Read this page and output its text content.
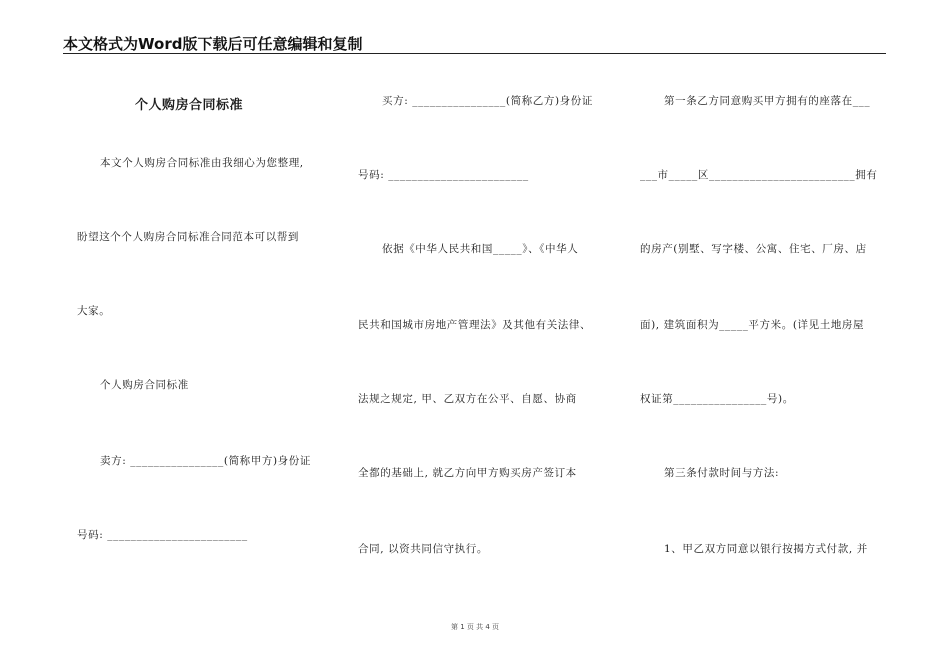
本文格式为Word版下载后可任意编辑和复制
个人购房合同标准
本文个人购房合同标准由我细心为您整理,
盼望这个个人购房合同标准合同范本可以帮到
大家。
个人购房合同标准
卖方: ________________(简称甲方)身份证
号码: ________________________
买方: ________________(简称乙方)身份证
号码: ________________________
依据《中华人民共和国_____》、《中华人
民共和国城市房地产管理法》及其他有关法律、
法规之规定, 甲、乙双方在公平、自愿、协商
全都的基础上, 就乙方向甲方购买房产签订本
合同, 以资共同信守执行。
第一条乙方同意购买甲方拥有的座落在___
___市_____区_________________________拥有
的房产(别墅、写字楼、公寓、住宅、厂房、店
面), 建筑面积为_____平方米。(详见土地房屋
权证第________________号)。
第三条付款时间与方法:
1、甲乙双方同意以银行按揭方式付款, 并
第 1 页 共 4 页
